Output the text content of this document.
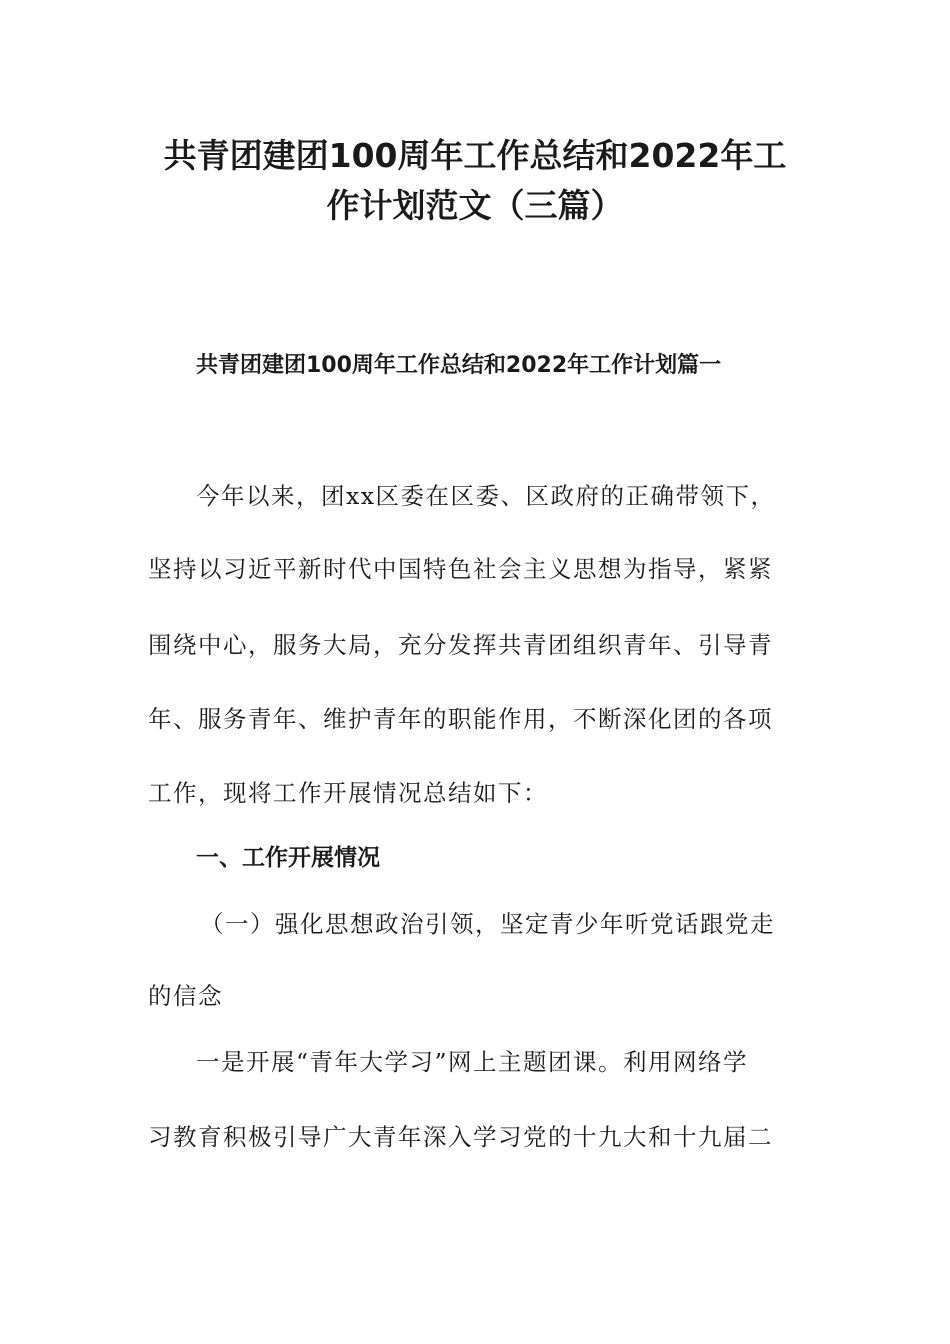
共青团建团100周年工作总结和2022年工
作计划范文（三篇）
共青团建团100周年工作总结和2022年工作计划篇一

今年以来，团xx区委在区委、区政府的正确带领下，

坚持以习近平新时代中国特色社会主义思想为指导，紧紧

围绕中心，服务大局，充分发挥共青团组织青年、引导青

年、服务青年、维护青年的职能作用，不断深化团的各项

工作，现将工作开展情况总结如下：

一、工作开展情况

（一）强化思想政治引领，坚定青少年听党话跟党走

的信念

一是开展“青年大学习”网上主题团课。利用网络学

习教育积极引导广大青年深入学习党的十九大和十九届二
